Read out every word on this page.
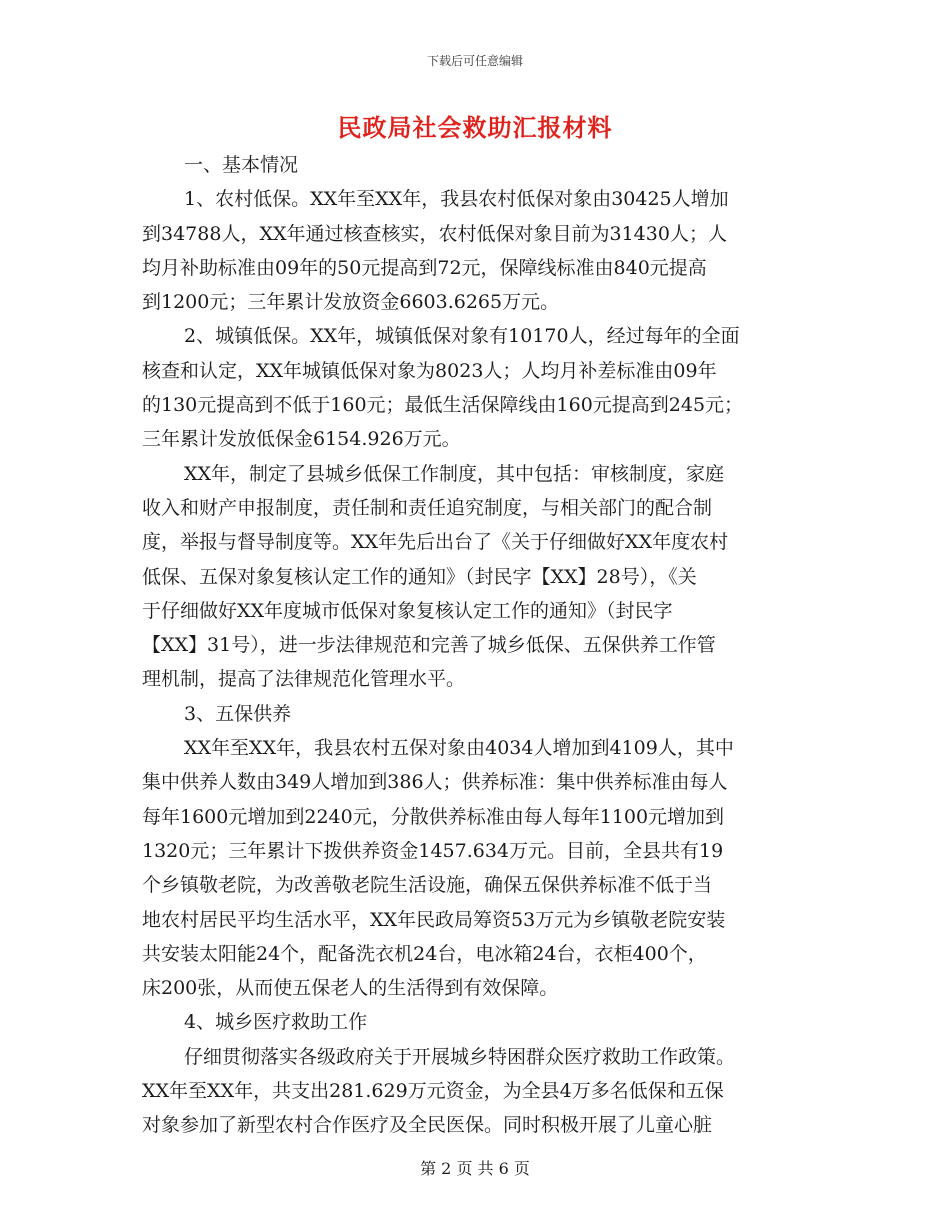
下载后可任意编辑
民政局社会救助汇报材料

一、基本情况

1、农村低保。XX年至XX年，我县农村低保对象由30425人增加

到34788人，XX年通过核查核实，农村低保对象目前为31430人；人

均月补助标准由09年的50元提高到72元，保障线标准由840元提高

到1200元；三年累计发放资金6603.6265万元。

2、城镇低保。XX年，城镇低保对象有10170人，经过每年的全面

核查和认定，XX年城镇低保对象为8023人；人均月补差标准由09年

的130元提高到不低于160元；最低生活保障线由160元提高到245元；

三年累计发放低保金6154.926万元。

XX年，制定了县城乡低保工作制度，其中包括：审核制度，家庭

收入和财产申报制度，责任制和责任追究制度，与相关部门的配合制

度，举报与督导制度等。XX年先后出台了《关于仔细做好XX年度农村

低保、五保对象复核认定工作的通知》（封民字【XX】28号），《关

于仔细做好XX年度城市低保对象复核认定工作的通知》（封民字

【XX】31号），进一步法律规范和完善了城乡低保、五保供养工作管

理机制，提高了法律规范化管理水平。

3、五保供养

XX年至XX年，我县农村五保对象由4034人增加到4109人，其中

集中供养人数由349人增加到386人；供养标准：集中供养标准由每人

每年1600元增加到2240元，分散供养标准由每人每年1100元增加到

1320元；三年累计下拨供养资金1457.634万元。目前，全县共有19

个乡镇敬老院，为改善敬老院生活设施，确保五保供养标准不低于当

地农村居民平均生活水平，XX年民政局筹资53万元为乡镇敬老院安装

共安装太阳能24个，配备洗衣机24台，电冰箱24台，衣柜400个，

床200张，从而使五保老人的生活得到有效保障。

4、城乡医疗救助工作

仔细贯彻落实各级政府关于开展城乡特困群众医疗救助工作政策。

XX年至XX年，共支出281.629万元资金，为全县4万多名低保和五保

对象参加了新型农村合作医疗及全民医保。同时积极开展了儿童心脏

第 2 页 共 6 页
